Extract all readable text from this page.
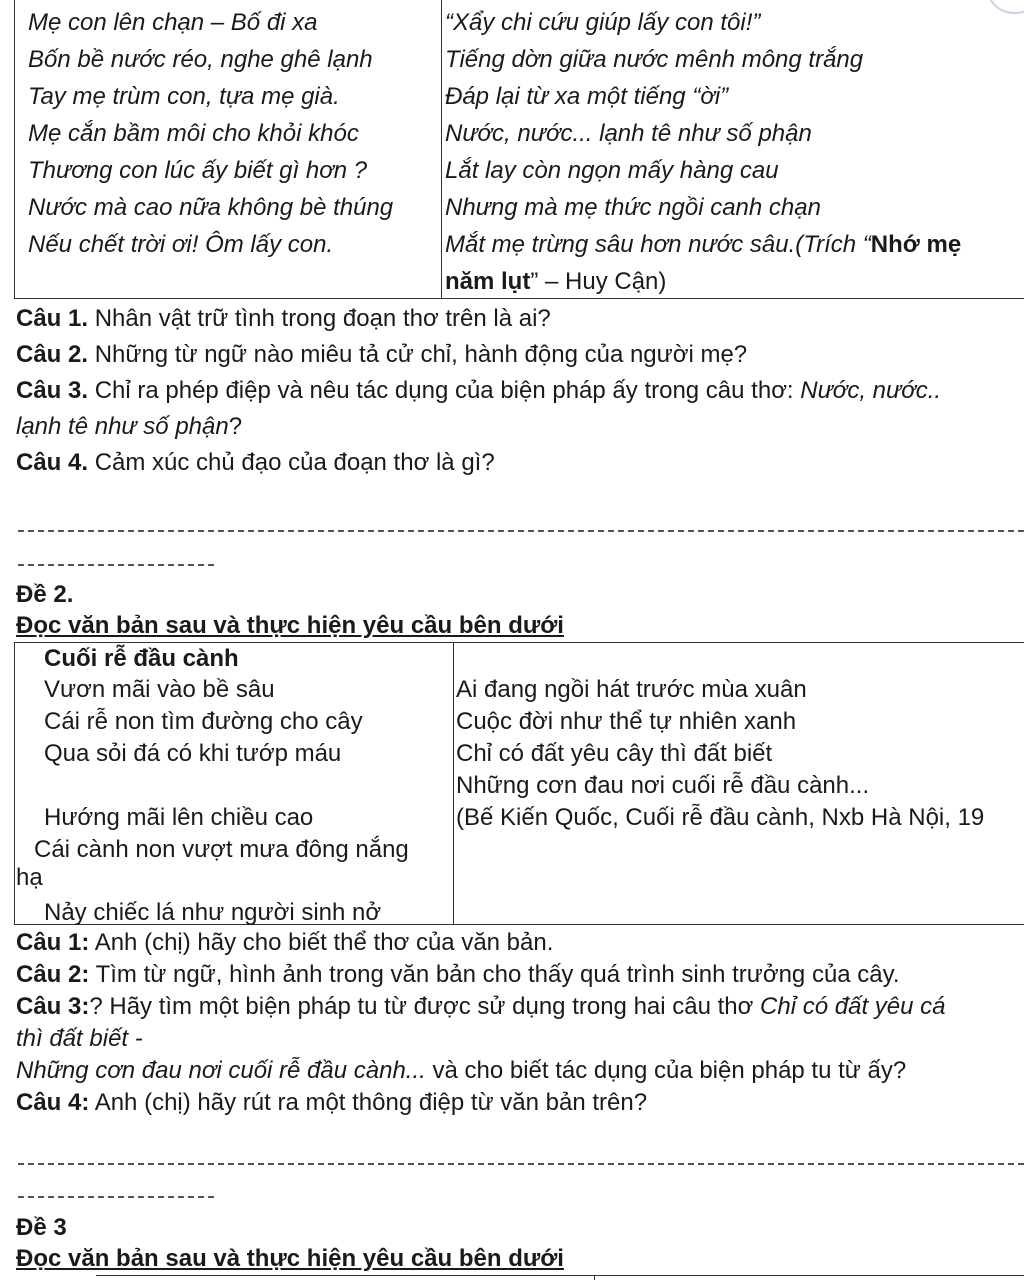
Mẹ con lên chạn – Bố đi xa
Bốn bề nước réo, nghe ghê lạnh
Tay mẹ trùm con, tựa mẹ già.
Mẹ cắn bầm môi cho khỏi khóc
Thương con lúc ấy biết gì hơn ?
Nước mà cao nữa không bè thúng
Nếu chết trời ơi! Ôm lấy con.
“Xẩy chi cứu giúp lấy con tôi!”
Tiếng dờn giữa nước mênh mông trắng
Đáp lại từ xa một tiếng “ời”
Nước, nước... lạnh tê như số phận
Lắt lay còn ngọn mấy hàng cau
Nhưng mà mẹ thức ngồi canh chạn
Mắt mẹ trừng sâu hơn nước sâu.(Trích “Nhớ mẹ
năm lụt” – Huy Cận)
Câu 1. Nhân vật trữ tình trong đoạn thơ trên là ai?
Câu 2. Những từ ngữ nào miêu tả cử chỉ, hành động của người mẹ?
Câu 3. Chỉ ra phép điệp và nêu tác dụng của biện pháp ấy trong câu thơ: Nước, nước..
lạnh tê như số phận?
Câu 4. Cảm xúc chủ đạo của đoạn thơ là gì?
Đề 2.
Đọc văn bản sau và thực hiện yêu cầu bên dưới
Cuối rễ đầu cành
Vươn mãi vào bề sâu
Cái rễ non tìm đường cho cây
Qua sỏi đá có khi tướp máu
Hướng mãi lên chiều cao
Cái cành non vượt mưa đông nắng
hạ
Nảy chiếc lá như người sinh nở
Ai đang ngồi hát trước mùa xuân
Cuộc đời như thể tự nhiên xanh
Chỉ có đất yêu cây thì đất biết
Những cơn đau nơi cuối rễ đầu cành...
(Bế Kiến Quốc, Cuối rễ đầu cành, Nxb Hà Nội, 19
Câu 1: Anh (chị) hãy cho biết thể thơ của văn bản.
Câu 2: Tìm từ ngữ, hình ảnh trong văn bản cho thấy quá trình sinh trưởng của cây.
Câu 3:? Hãy tìm một biện pháp tu từ được sử dụng trong hai câu thơ Chỉ có đất yêu cá
thì đất biết -
Những cơn đau nơi cuối rễ đầu cành... và cho biết tác dụng của biện pháp tu từ ấy?
Câu 4: Anh (chị) hãy rút ra một thông điệp từ văn bản trên?
Đề 3
Đọc văn bản sau và thực hiện yêu cầu bên dưới
